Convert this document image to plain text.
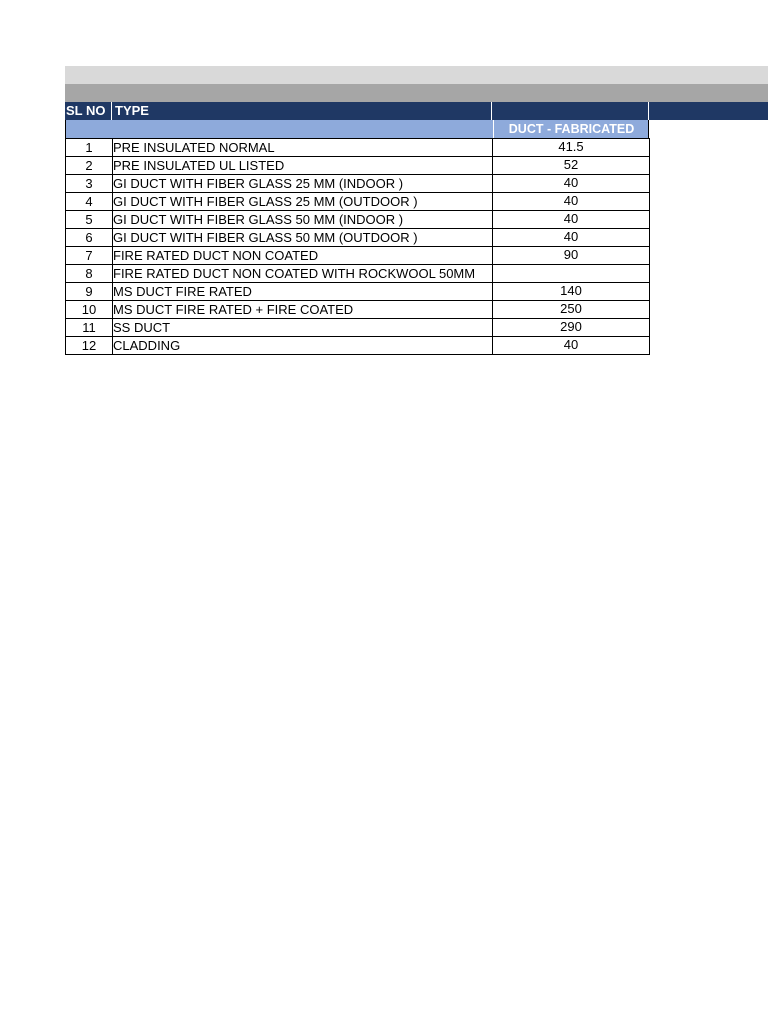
SL NO TYPE
DUCT - FABRICATED
1	PRE INSULATED NORMAL	41.5
2	PRE INSULATED UL LISTED	52
3	GI DUCT WITH FIBER GLASS 25 MM (INDOOR )	40
4	GI DUCT WITH FIBER GLASS 25 MM (OUTDOOR )	40
5	GI DUCT WITH FIBER GLASS 50 MM (INDOOR )	40
6	GI DUCT WITH FIBER GLASS 50 MM (OUTDOOR )	40
7	FIRE RATED DUCT NON COATED	90
8	FIRE RATED DUCT NON COATED WITH ROCKWOOL 50MM	
9	MS DUCT FIRE RATED	140
10	MS DUCT FIRE RATED + FIRE COATED	250
11	SS DUCT	290
12	CLADDING	40
